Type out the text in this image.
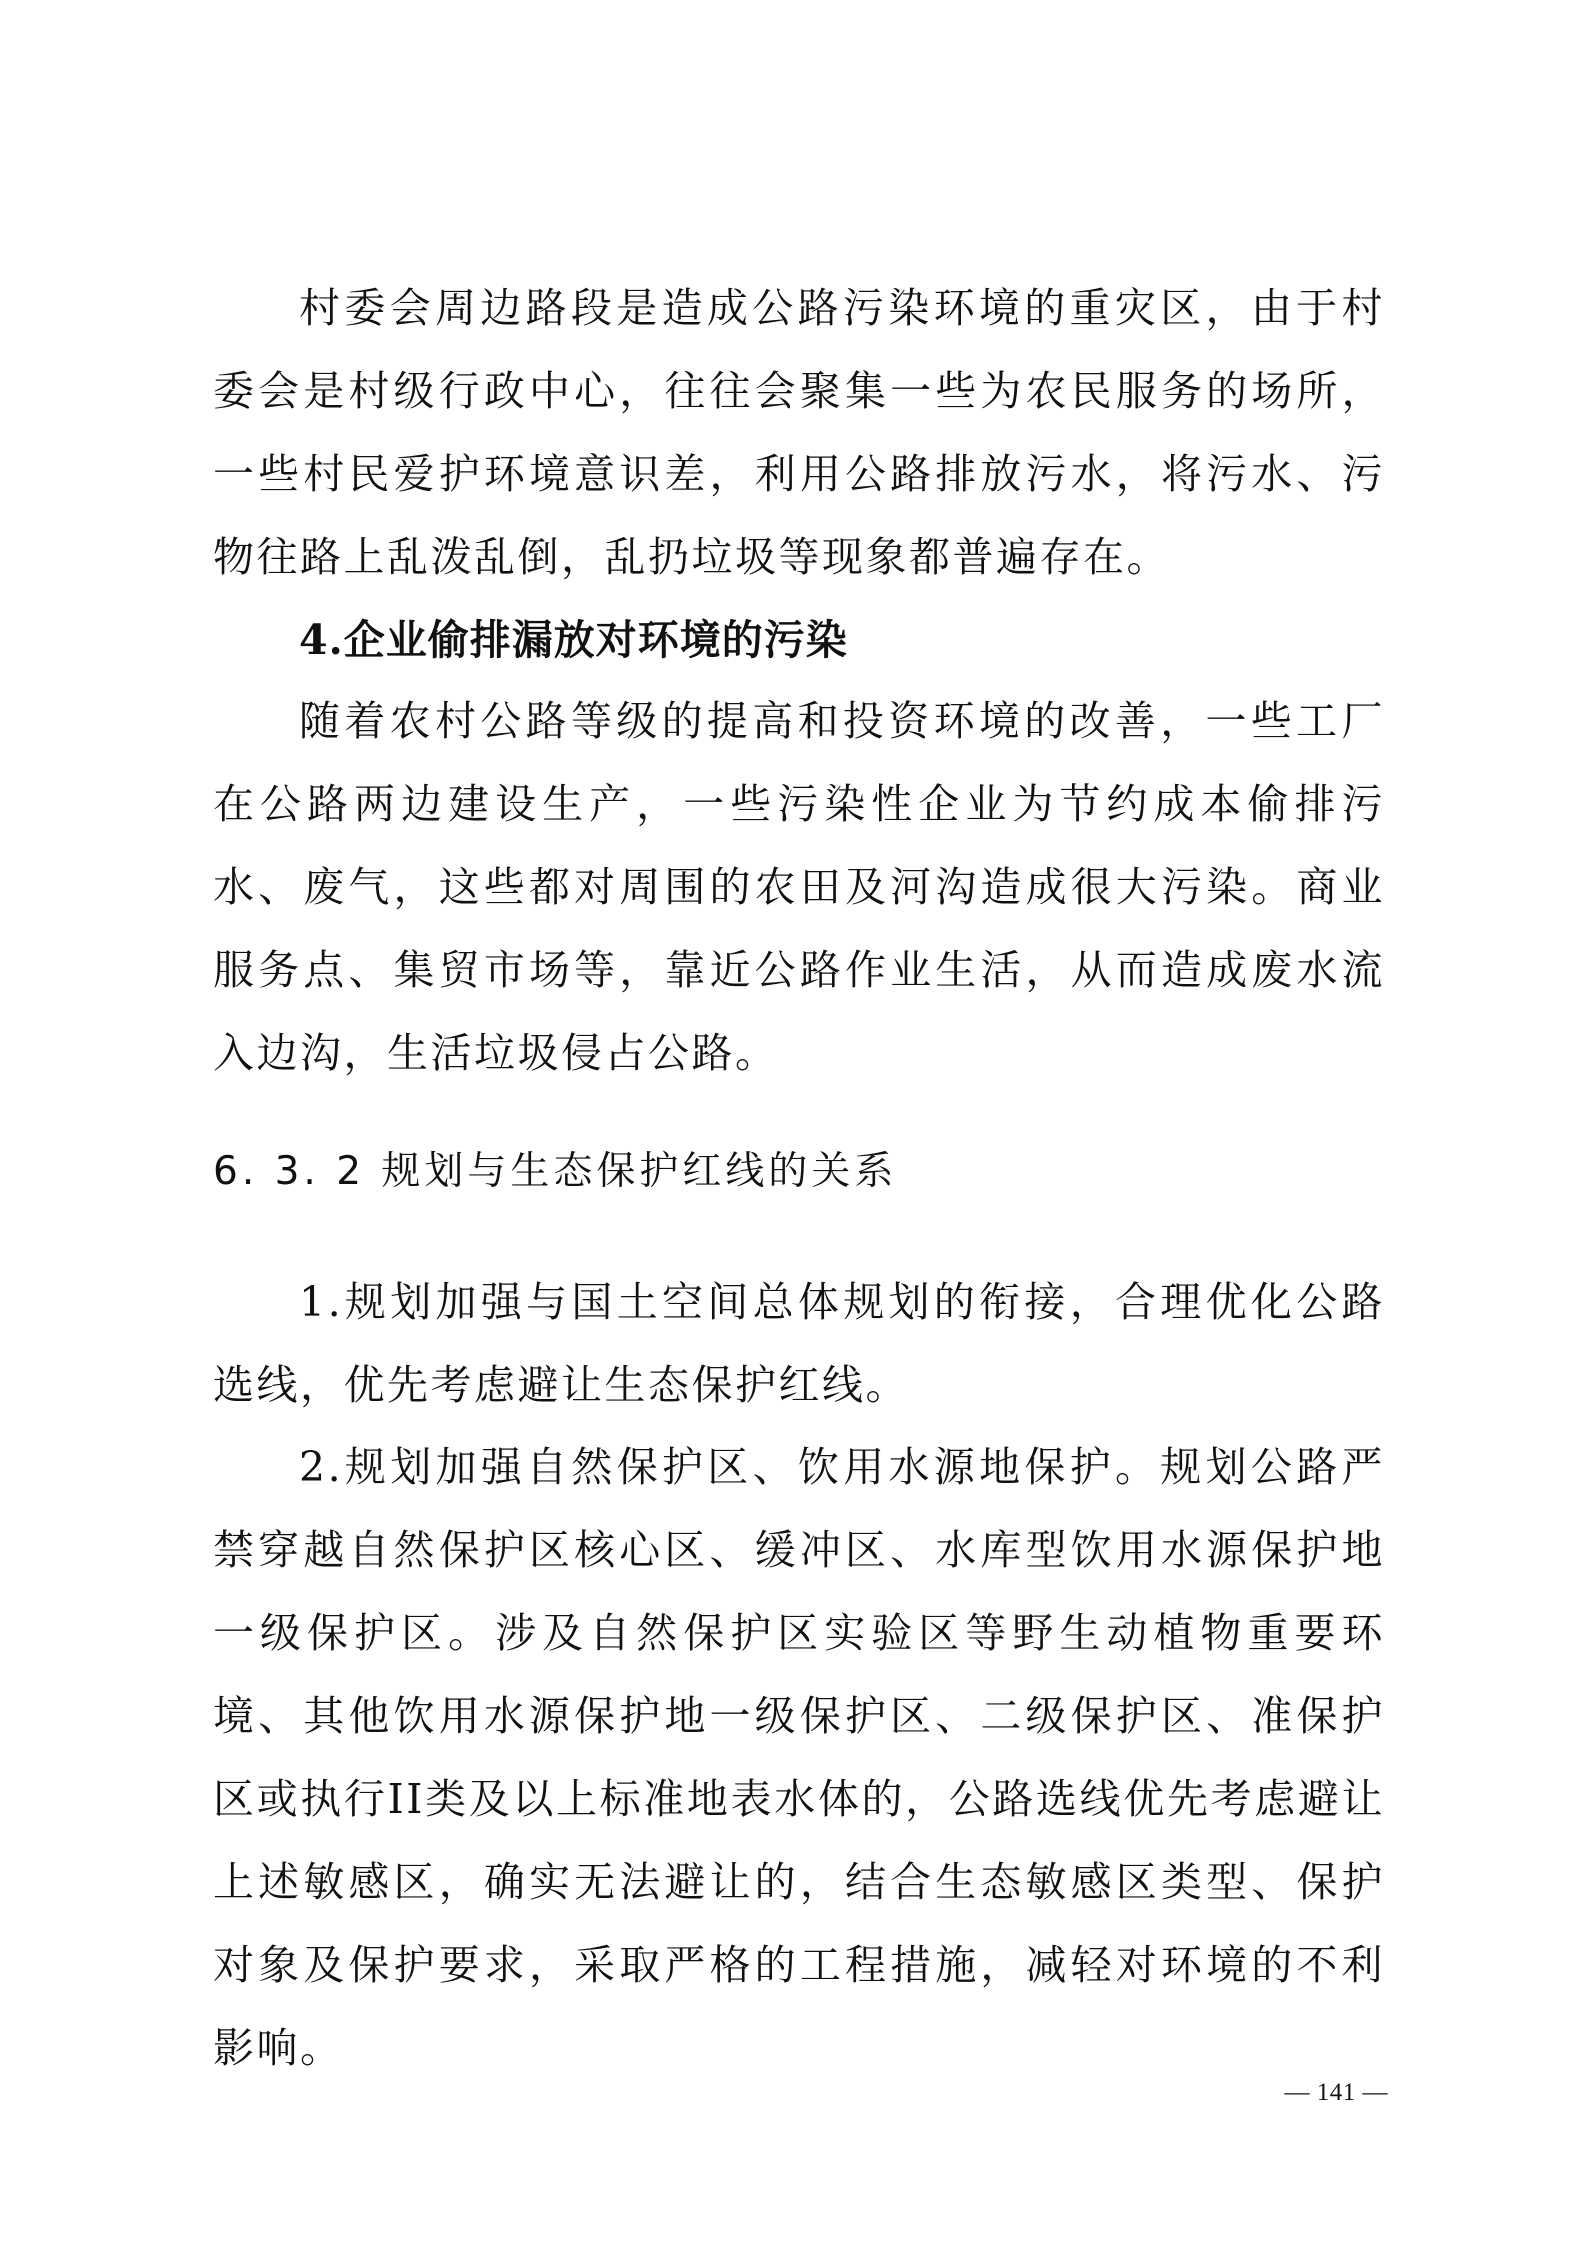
村委会周边路段是造成公路污染环境的重灾区，由于村委会是村级行政中心，往往会聚集一些为农民服务的场所，一些村民爱护环境意识差，利用公路排放污水，将污水、污物往路上乱泼乱倒，乱扔垃圾等现象都普遍存在。

4.企业偷排漏放对环境的污染

随着农村公路等级的提高和投资环境的改善，一些工厂在公路两边建设生产，一些污染性企业为节约成本偷排污水、废气，这些都对周围的农田及河沟造成很大污染。商业服务点、集贸市场等，靠近公路作业生活，从而造成废水流入边沟，生活垃圾侵占公路。

6. 3. 2 规划与生态保护红线的关系

1.规划加强与国土空间总体规划的衔接，合理优化公路选线，优先考虑避让生态保护红线。

2.规划加强自然保护区、饮用水源地保护。规划公路严禁穿越自然保护区核心区、缓冲区、水库型饮用水源保护地一级保护区。涉及自然保护区实验区等野生动植物重要环境、其他饮用水源保护地一级保护区、二级保护区、准保护区或执行II类及以上标准地表水体的，公路选线优先考虑避让上述敏感区，确实无法避让的，结合生态敏感区类型、保护对象及保护要求，采取严格的工程措施，减轻对环境的不利影响。

— 141 —
